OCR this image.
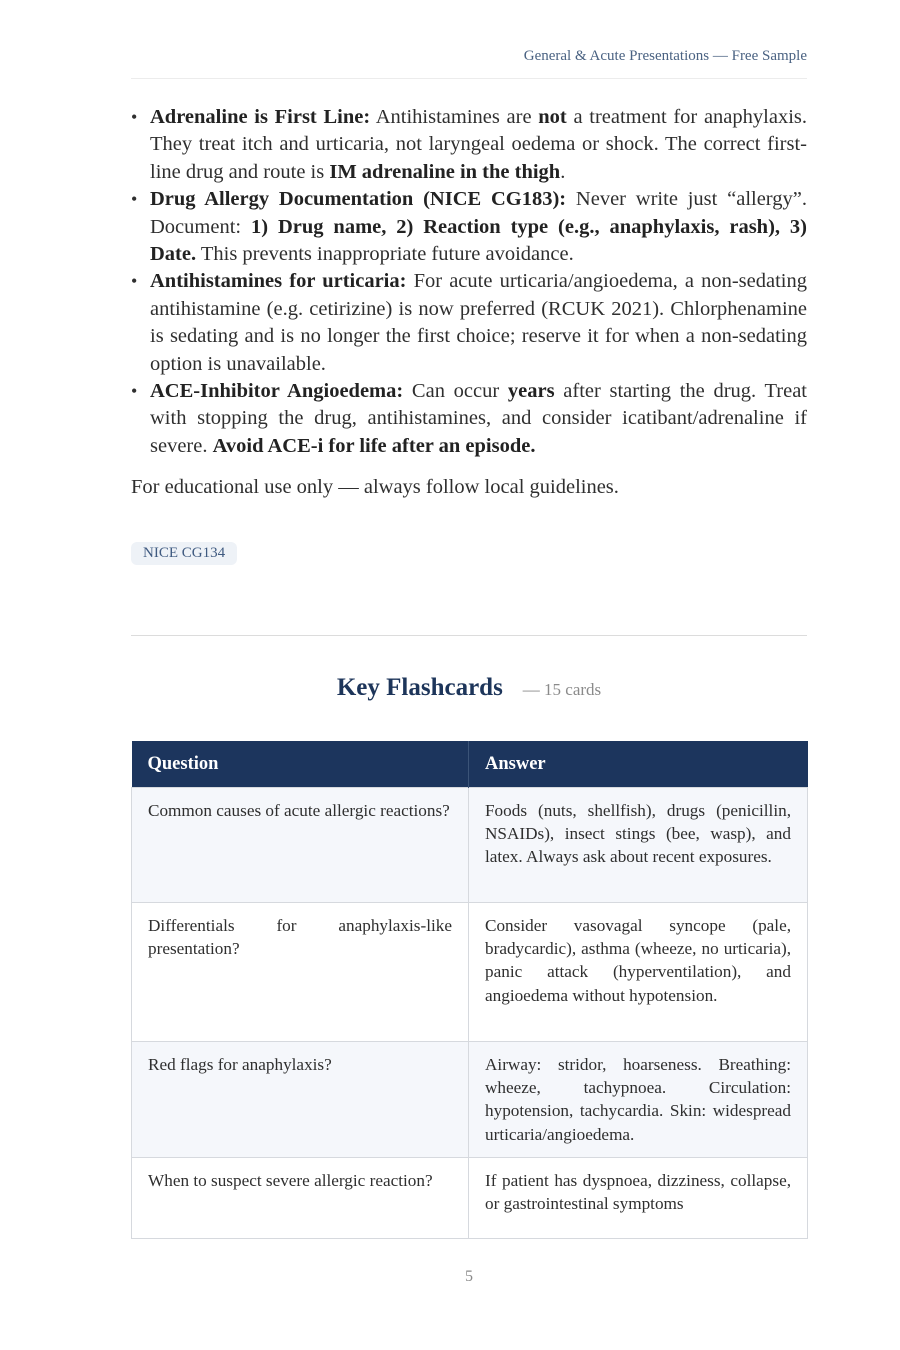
General & Acute Presentations — Free Sample
• Adrenaline is First Line: Antihistamines are not a treatment for anaphylaxis. They treat itch and urticaria, not laryngeal oedema or shock. The correct first-line drug and route is IM adrenaline in the thigh.
• Drug Allergy Documentation (NICE CG183): Never write just “allergy”. Document: 1) Drug name, 2) Reaction type (e.g., anaphylaxis, rash), 3) Date. This prevents inappropriate future avoidance.
• Antihistamines for urticaria: For acute urticaria/angioedema, a non-sedating antihistamine (e.g. cetirizine) is now preferred (RCUK 2021). Chlorphenamine is sedating and is no longer the first choice; reserve it for when a non-sedating option is unavailable.
• ACE-Inhibitor Angioedema: Can occur years after starting the drug. Treat with stopping the drug, antihistamines, and consider icatibant/adrenaline if severe. Avoid ACE-i for life after an episode.
For educational use only — always follow local guidelines.
NICE CG134
Key Flashcards — 15 cards
Question	Answer
Common causes of acute allergic reactions?	Foods (nuts, shellfish), drugs (penicillin, NSAIDs), insect stings (bee, wasp), and latex. Always ask about recent exposures.
Differentials for anaphylaxis-like presentation?	Consider vasovagal syncope (pale, bradycardic), asthma (wheeze, no urticaria), panic attack (hyperventilation), and angioedema without hypotension.
Red flags for anaphylaxis?	Airway: stridor, hoarseness. Breathing: wheeze, tachypnoea. Circulation: hypotension, tachycardia. Skin: widespread urticaria/angioedema.
When to suspect severe allergic reaction?	If patient has dyspnoea, dizziness, collapse, or gastrointestinal symptoms
5
